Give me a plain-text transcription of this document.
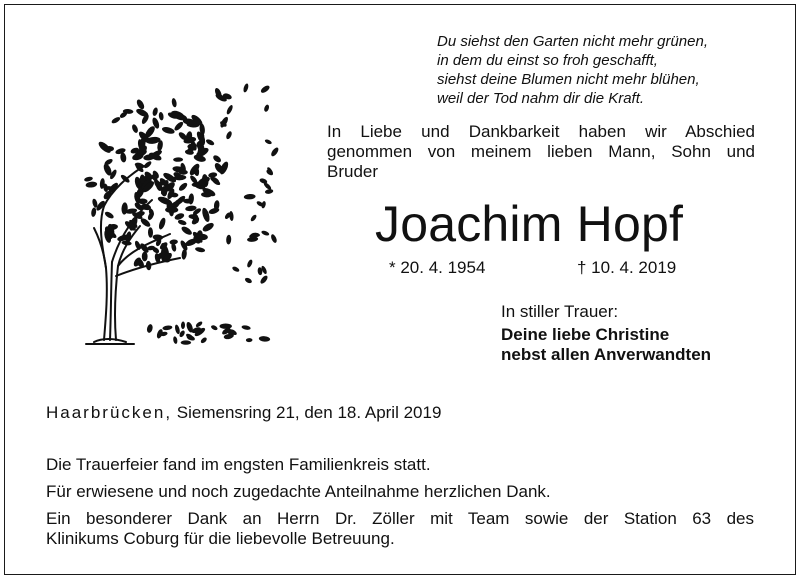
Du siehst den Garten nicht mehr grünen,
in dem du einst so froh geschafft,
siehst deine Blumen nicht mehr blühen,
weil der Tod nahm dir die Kraft.
In Liebe und Dankbarkeit haben wir Abschied
genommen von meinem lieben Mann, Sohn und
Bruder
Joachim Hopf
* 20. 4. 1954	† 10. 4. 2019
In stiller Trauer:
Deine liebe Christine
nebst allen Anverwandten
Haarbrücken, Siemensring 21, den 18. April 2019
Die Trauerfeier fand im engsten Familienkreis statt.
Für erwiesene und noch zugedachte Anteilnahme herzlichen Dank.
Ein besonderer Dank an Herrn Dr. Zöller mit Team sowie der Station 63 des
Klinikums Coburg für die liebevolle Betreuung.
